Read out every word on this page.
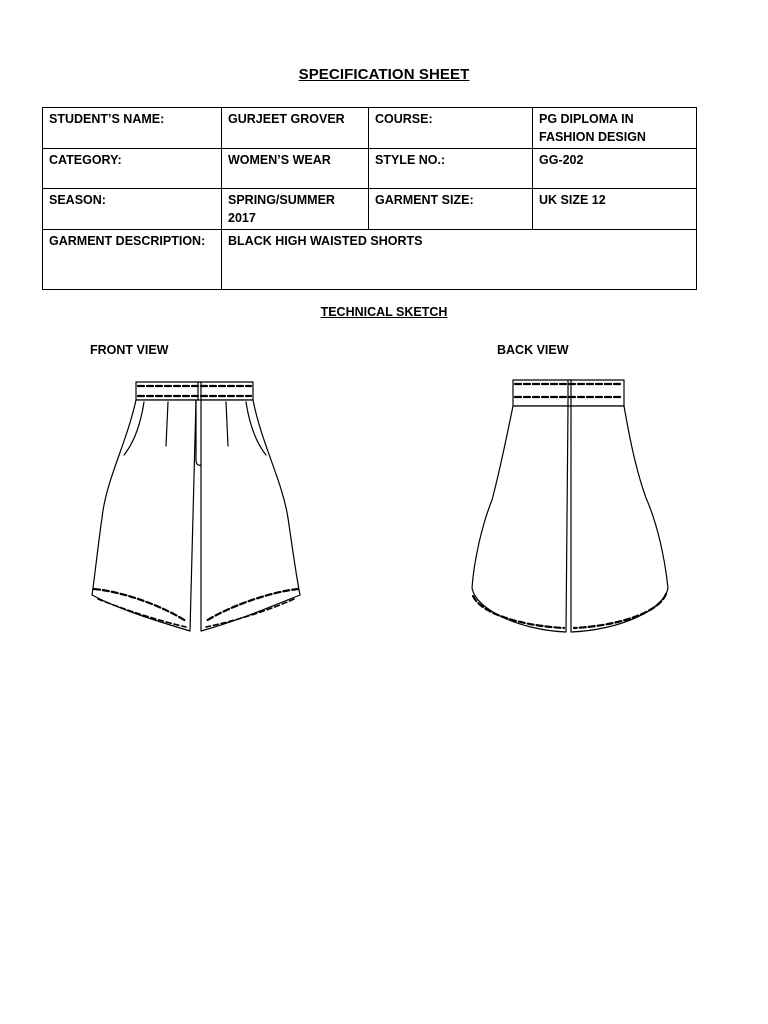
SPECIFICATION SHEET
STUDENT’S NAME:	GURJEET GROVER	COURSE:	PG DIPLOMA IN FASHION DESIGN
CATEGORY:	WOMEN’S WEAR	STYLE NO.:	GG-202
SEASON:	SPRING/SUMMER 2017	GARMENT SIZE:	UK SIZE 12
GARMENT DESCRIPTION:	BLACK HIGH WAISTED SHORTS		
TECHNICAL SKETCH
FRONT VIEW	BACK VIEW
